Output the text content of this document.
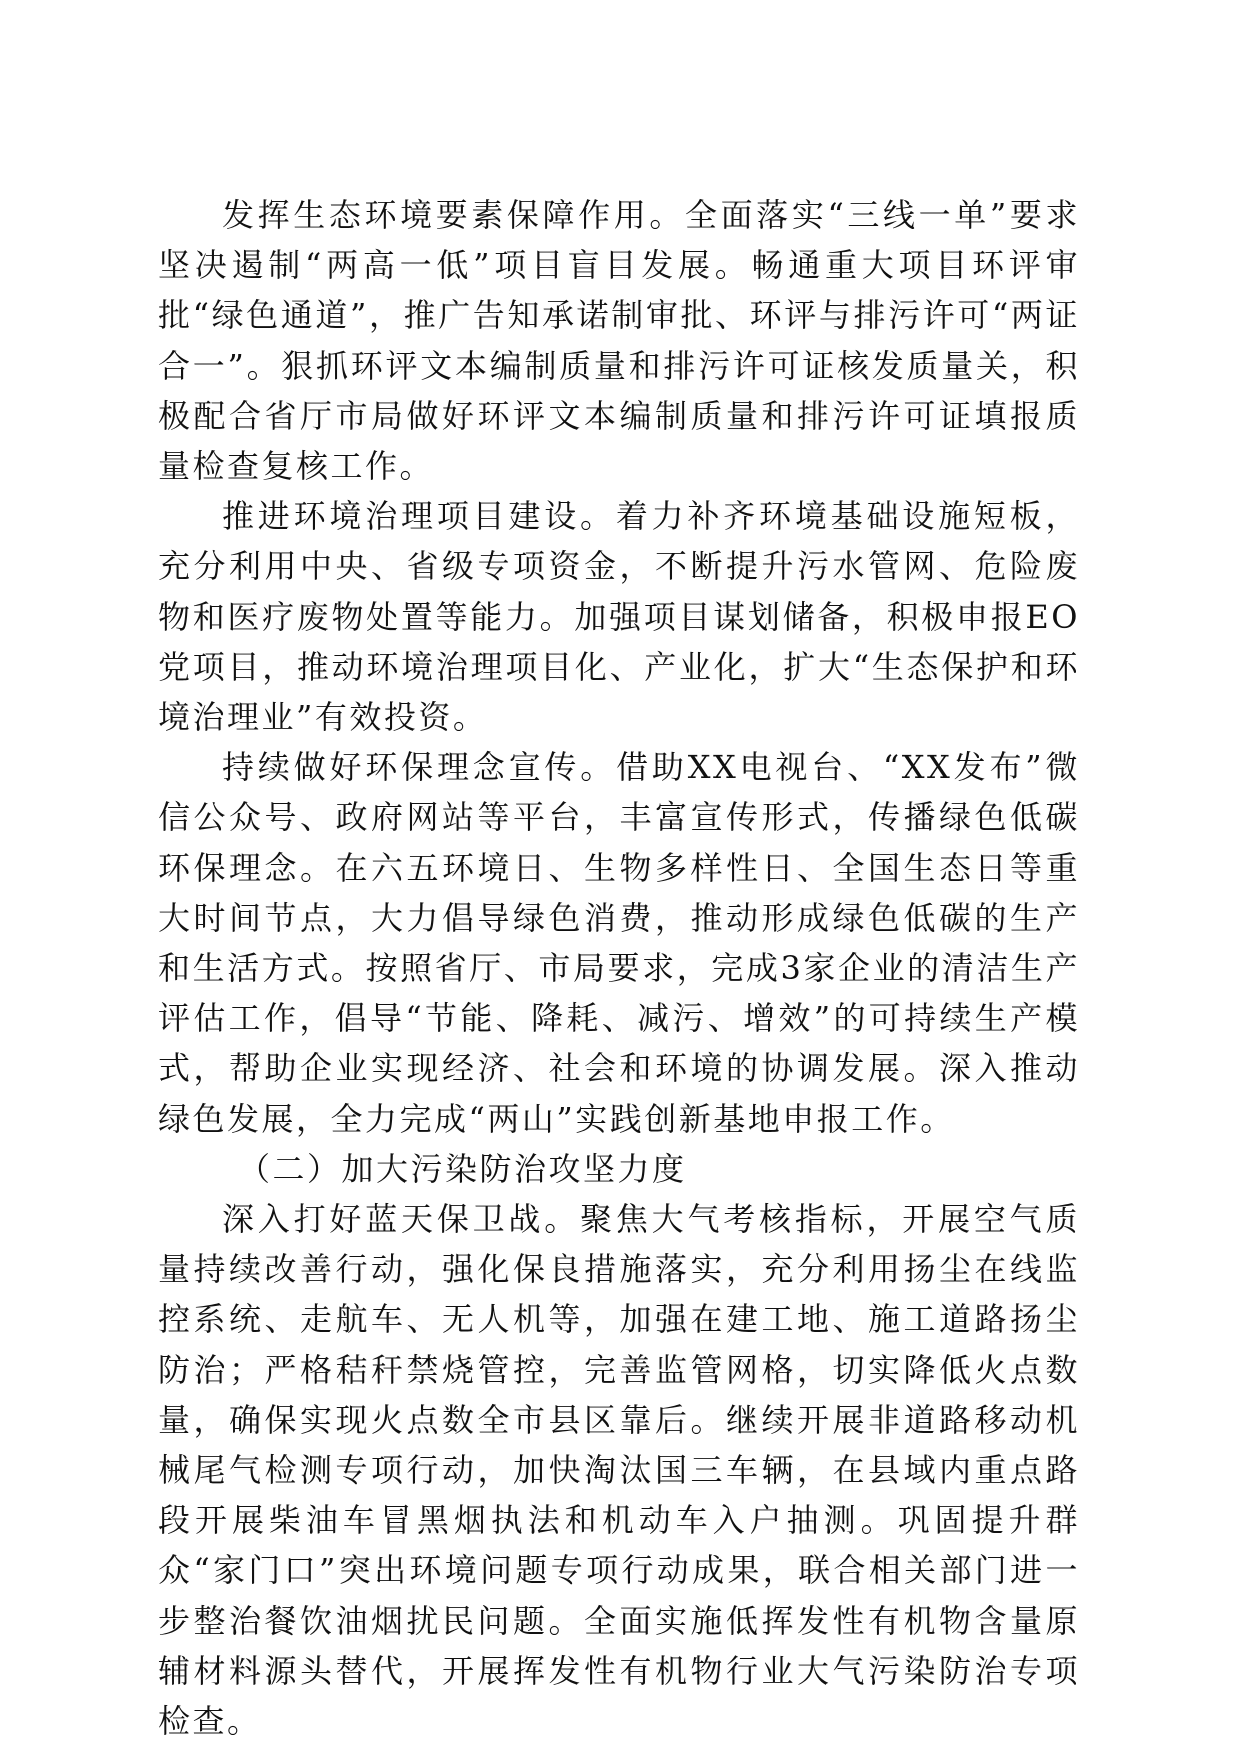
发挥生态环境要素保障作用。全面落实“三线一单”要求坚决遏制“两高一低”项目盲目发展。畅通重大项目环评审批“绿色通道”，推广告知承诺制审批、环评与排污许可“两证合一”。狠抓环评文本编制质量和排污许可证核发质量关，积极配合省厅市局做好环评文本编制质量和排污许可证填报质量检查复核工作。

推进环境治理项目建设。着力补齐环境基础设施短板，充分利用中央、省级专项资金，不断提升污水管网、危险废物和医疗废物处置等能力。加强项目谋划储备，积极申报EO党项目，推动环境治理项目化、产业化，扩大“生态保护和环境治理业”有效投资。

持续做好环保理念宣传。借助XX电视台、“XX发布”微信公众号、政府网站等平台，丰富宣传形式，传播绿色低碳环保理念。在六五环境日、生物多样性日、全国生态日等重大时间节点，大力倡导绿色消费，推动形成绿色低碳的生产和生活方式。按照省厅、市局要求，完成3家企业的清洁生产评估工作，倡导“节能、降耗、减污、增效”的可持续生产模式，帮助企业实现经济、社会和环境的协调发展。深入推动绿色发展，全力完成“两山”实践创新基地申报工作。

（二）加大污染防治攻坚力度

深入打好蓝天保卫战。聚焦大气考核指标，开展空气质量持续改善行动，强化保良措施落实，充分利用扬尘在线监控系统、走航车、无人机等，加强在建工地、施工道路扬尘防治；严格秸秆禁烧管控，完善监管网格，切实降低火点数量，确保实现火点数全市县区靠后。继续开展非道路移动机械尾气检测专项行动，加快淘汰国三车辆，在县域内重点路段开展柴油车冒黑烟执法和机动车入户抽测。巩固提升群众“家门口”突出环境问题专项行动成果，联合相关部门进一步整治餐饮油烟扰民问题。全面实施低挥发性有机物含量原辅材料源头替代，开展挥发性有机物行业大气污染防治专项检查。
